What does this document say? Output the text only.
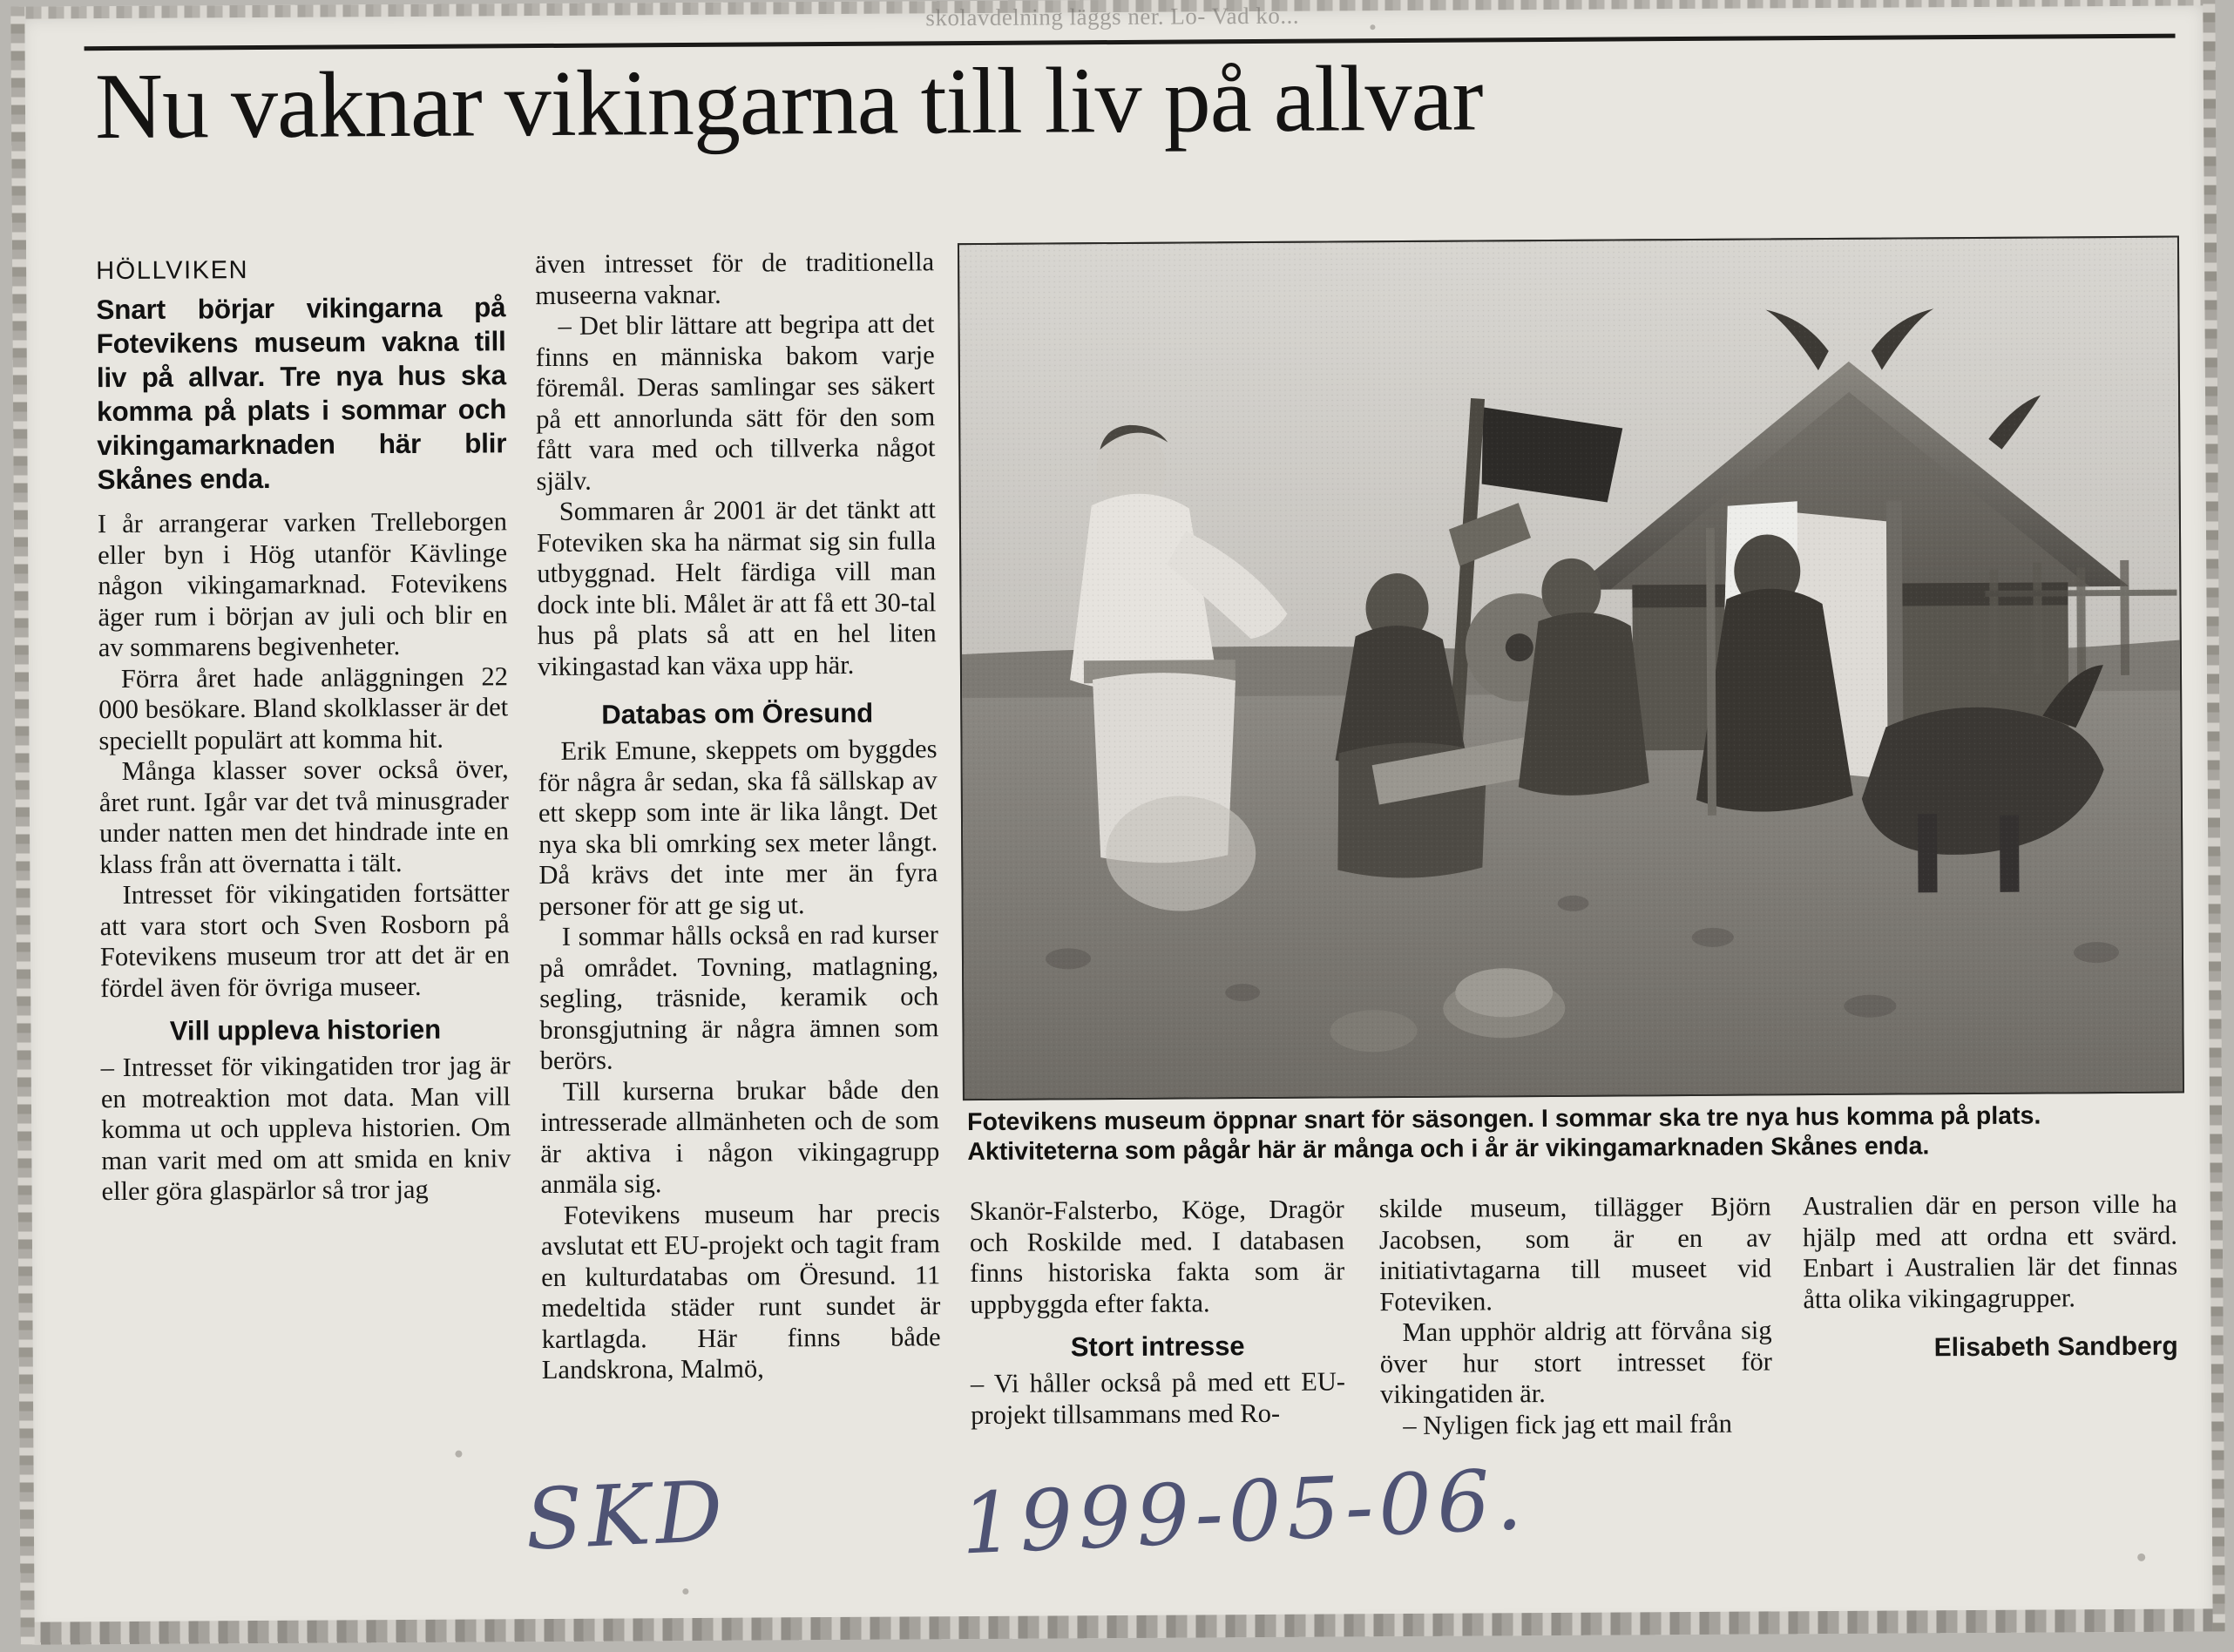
skolavdelning läggs ner. Lo- Vad ko...
Nu vaknar vikingarna till liv på allvar
HÖLLVIKEN
Snart börjar vikingarna på Fotevikens museum vakna till liv på allvar. Tre nya hus ska komma på plats i sommar och vikingamarknaden här blir Skånes enda.

I år arrangerar varken Trelleborgen eller byn i Hög utanför Kävlinge någon vikingamarknad. Fotevikens äger rum i början av juli och blir en av sommarens begivenheter.

Förra året hade anläggningen 22 000 besökare. Bland skolklasser är det speciellt populärt att komma hit.

Många klasser sover också över, året runt. Igår var det två minusgrader under natten men det hindrade inte en klass från att övernatta i tält.

Intresset för vikingatiden fortsätter att vara stort och Sven Rosborn på Fotevikens museum tror att det är en fördel även för övriga museer.

Vill uppleva historien

– Intresset för vikingatiden tror jag är en motreaktion mot data. Man vill komma ut och uppleva historien. Om man varit med om att smida en kniv eller göra glaspärlor så tror jag

även intresset för de traditionella museerna vaknar.

– Det blir lättare att begripa att det finns en människa bakom varje föremål. Deras samlingar ses säkert på ett annorlunda sätt för den som fått vara med och tillverka något själv.

Sommaren år 2001 är det tänkt att Foteviken ska ha närmat sig sin fulla utbyggnad. Helt färdiga vill man dock inte bli. Målet är att få ett 30-tal hus på plats så att en hel liten vikingastad kan växa upp här.

Databas om Öresund

Erik Emune, skeppets om byggdes för några år sedan, ska få sällskap av ett skepp som inte är lika långt. Det nya ska bli omrking sex meter långt. Då krävs det inte mer än fyra personer för att ge sig ut.

I sommar hålls också en rad kurser på området. Tovning, matlagning, segling, träsnide, keramik och bronsgjutning är några ämnen som berörs.

Till kurserna brukar både den intresserade allmänheten och de som är aktiva i någon vikingagrupp anmäla sig.

Fotevikens museum har precis avslutat ett EU-projekt och tagit fram en kulturdatabas om Öresund. 11 medeltida städer runt sundet är kartlagda. Här finns både Landskrona, Malmö,

Fotevikens museum öppnar snart för säsongen. I sommar ska tre nya hus komma på plats. Aktiviteterna som pågår här är många och i år är vikingamarknaden Skånes enda.

Skanör-Falsterbo, Köge, Dragör och Roskilde med. I databasen finns historiska fakta som är uppbyggda efter fakta.

Stort intresse

– Vi håller också på med ett EU-projekt tillsammans med Ro-

skilde museum, tillägger Björn Jacobsen, som är en av initiativtagarna till museet vid Foteviken.

Man upphör aldrig att förvåna sig över hur stort intresset för vikingatiden är.

– Nyligen fick jag ett mail från

Australien där en person ville ha hjälp med att ordna ett svärd. Enbart i Australien lär det finnas åtta olika vikingagrupper.

Elisabeth Sandberg
SKD	1999-05-06.
